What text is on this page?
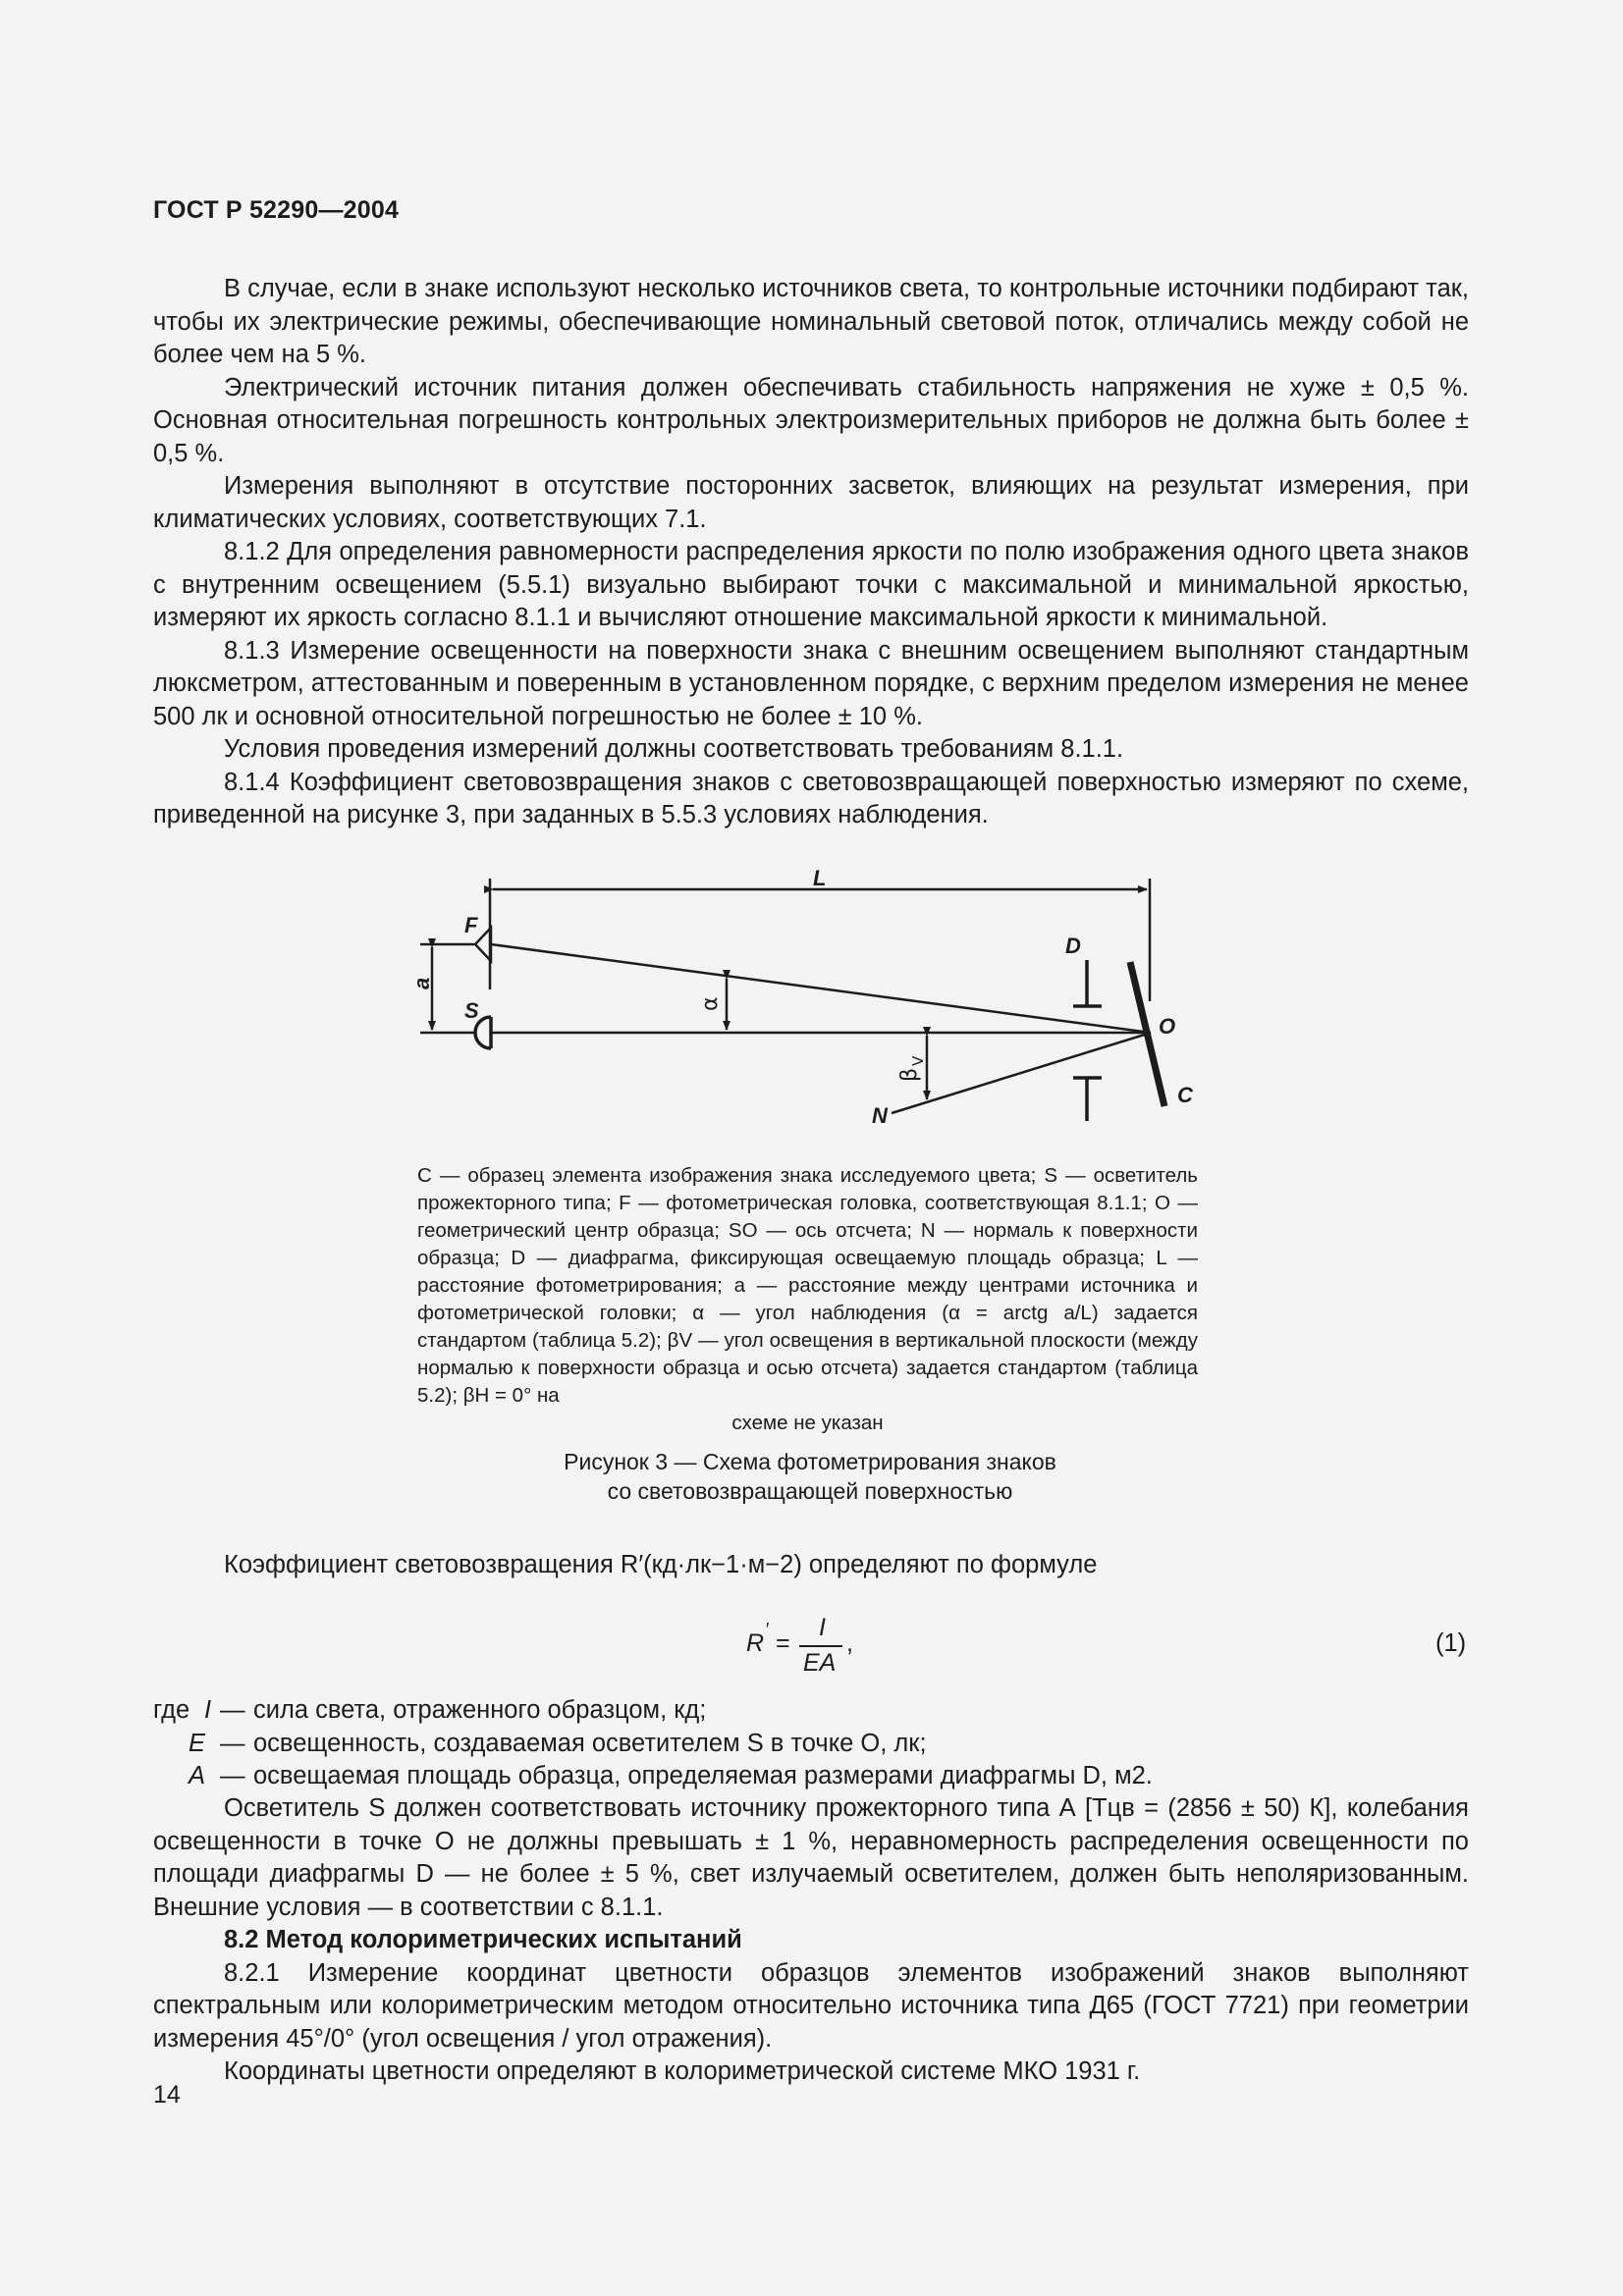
ГОСТ Р 52290—2004

В случае, если в знаке используют несколько источников света, то контрольные источники подбирают так, чтобы их электрические режимы, обеспечивающие номинальный световой поток, отличались между собой не более чем на 5 %.

Электрический источник питания должен обеспечивать стабильность напряжения не хуже ± 0,5 %. Основная относительная погрешность контрольных электроизмерительных приборов не должна быть более ± 0,5 %.

Измерения выполняют в отсутствие посторонних засветок, влияющих на результат измерения, при климатических условиях, соответствующих 7.1.

8.1.2 Для определения равномерности распределения яркости по полю изображения одного цвета знаков с внутренним освещением (5.5.1) визуально выбирают точки с максимальной и минимальной яркостью, измеряют их яркость согласно 8.1.1 и вычисляют отношение максимальной яркости к минимальной.

8.1.3 Измерение освещенности на поверхности знака с внешним освещением выполняют стандартным люксметром, аттестованным и поверенным в установленном порядке, с верхним пределом измерения не менее 500 лк и основной относительной погрешностью не более ± 10 %.

Условия проведения измерений должны соответствовать требованиям 8.1.1.

8.1.4 Коэффициент световозвращения знаков с световозвращающей поверхностью измеряют по схеме, приведенной на рисунке 3, при заданных в 5.5.3 условиях наблюдения.

L
F
S
D
O
C
N
a
α
β
V
C — образец элемента изображения знака исследуемого цвета; S — осветитель прожекторного типа; F — фотометрическая головка, соответствующая 8.1.1; O — геометрический центр образца; SO — ось отсчета; N — нормаль к поверхности образца; D — диафрагма, фиксирующая освещаемую площадь образца; L — расстояние фотометрирования; a — расстояние между центрами источника и фотометрической головки; α — угол наблюдения (α = arctg a/L) задается стандартом (таблица 5.2); βV — угол освещения в вертикальной плоскости (между нормалью к поверхности образца и осью отсчета) задается стандартом (таблица 5.2); βH = 0° на
схеме не указан
Рисунок 3 — Схема фотометрирования знаков
со световозвращающей поверхностью

Коэффициент световозвращения R′(кд·лк−1·м−2) определяют по формуле

R ′ =
I
EA
,	(1)
где I — сила света, отраженного образцом, кд;
E — освещенность, создаваемая осветителем S в точке O, лк;
A — освещаемая площадь образца, определяемая размерами диафрагмы D, м2.

Осветитель S должен соответствовать источнику прожекторного типа А [Tцв = (2856 ± 50) К], колебания освещенности в точке O не должны превышать ± 1 %, неравномерность распределения освещенности по площади диафрагмы D — не более ± 5 %, свет излучаемый осветителем, должен быть неполяризованным. Внешние условия — в соответствии с 8.1.1.

8.2 Метод колориметрических испытаний

8.2.1 Измерение координат цветности образцов элементов изображений знаков выполняют спектральным или колориметрическим методом относительно источника типа Д65 (ГОСТ 7721) при геометрии измерения 45°/0° (угол освещения / угол отражения).

Координаты цветности определяют в колориметрической системе МКО 1931 г.

14
